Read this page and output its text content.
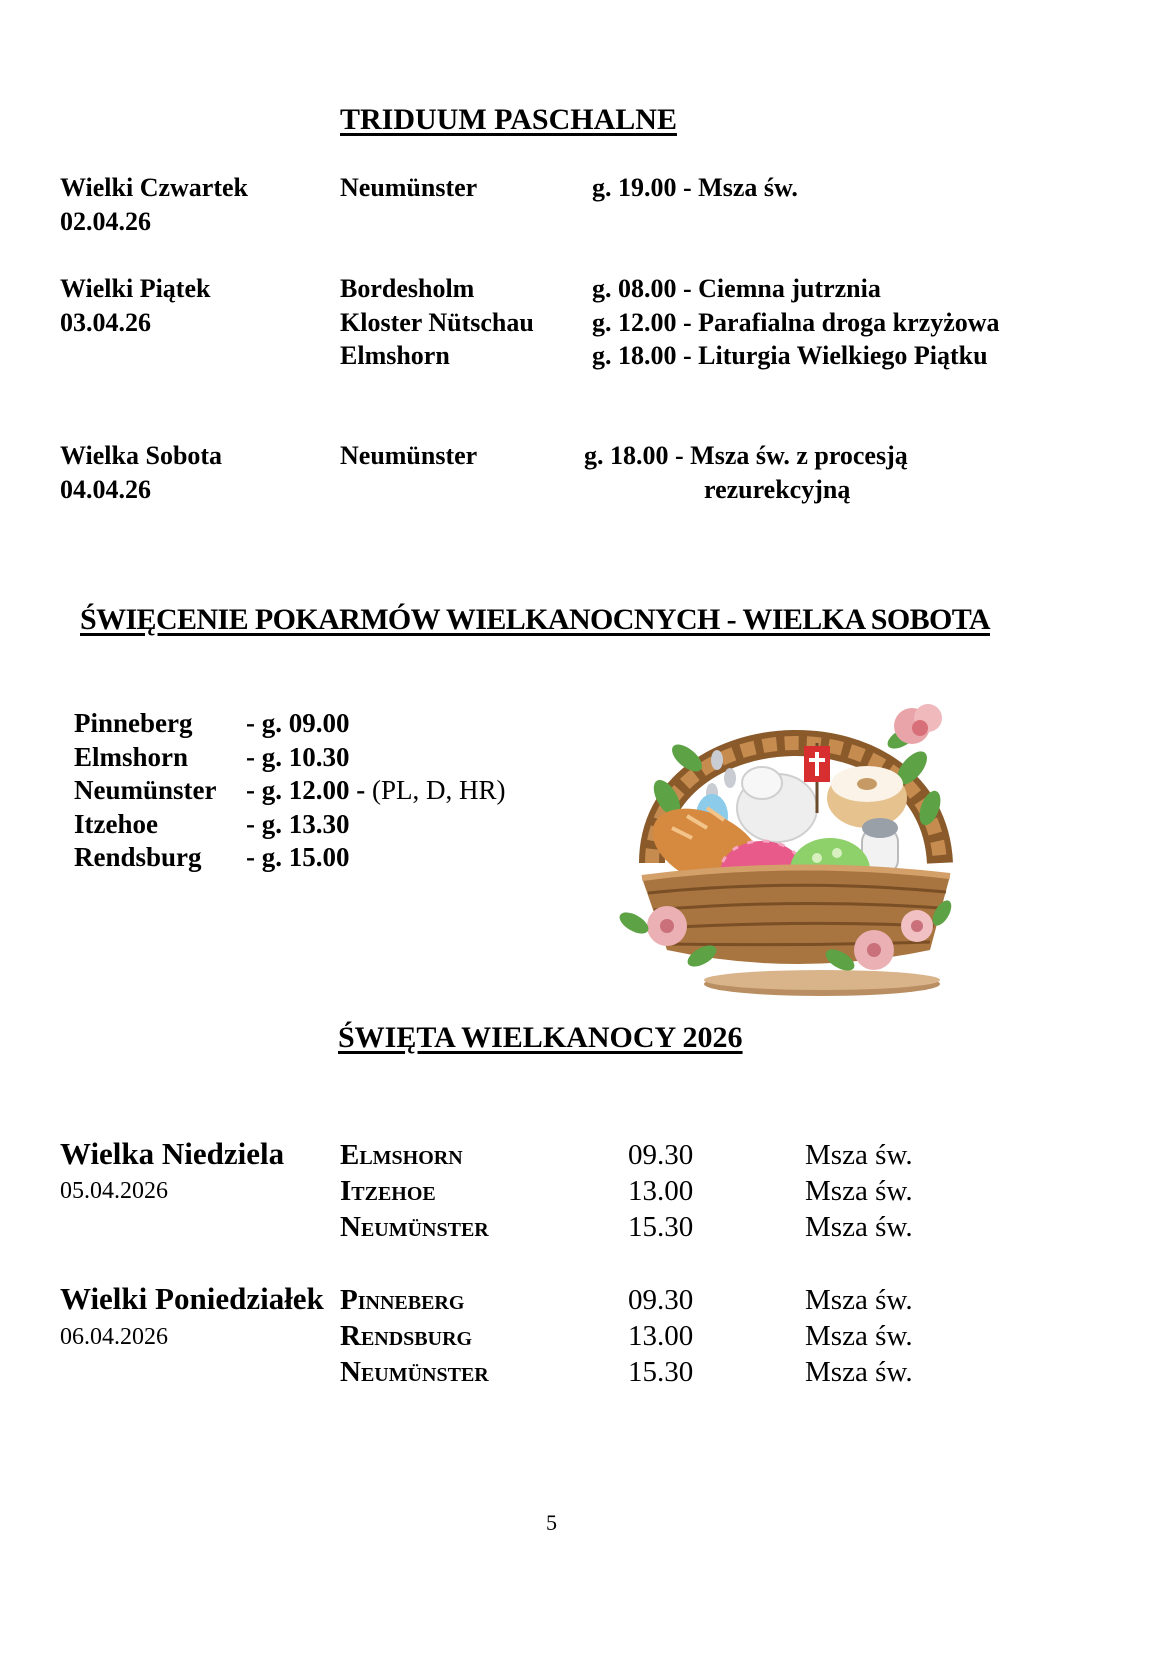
TRIDUUM PASCHALNE
Wielki Czwartek
02.04.26
Neumünster	g. 19.00 - Msza św.
Wielki Piątek
03.04.26
Bordesholm	g. 08.00 - Ciemna jutrznia
Kloster Nütschau g. 12.00 - Parafialna droga krzyżowa
Elmshorn	g. 18.00 - Liturgia Wielkiego Piątku
Wielka Sobota
04.04.26
Neumünster	g. 18.00 - Msza św. z procesją
rezurekcyjną
ŚWIĘCENIE POKARMÓW WIELKANOCNYCH - WIELKA SOBOTA
Pinneberg - g. 09.00
Elmshorn - g. 10.30
Neumünster - g. 12.00 - (PL, D, HR)
Itzehoe	- g. 13.30
Rendsburg - g. 15.00
ŚWIĘTA WIELKANOCY 2026
Wielka Niedziela
05.04.2026
Elmshorn	09.30	Msza św.
Itzehoe	13.00	Msza św.
Neumünster	15.30	Msza św.
Wielki Poniedziałek
06.04.2026
Pinneberg	09.30	Msza św.
Rendsburg	13.00	Msza św.
Neumünster	15.30	Msza św.
5
